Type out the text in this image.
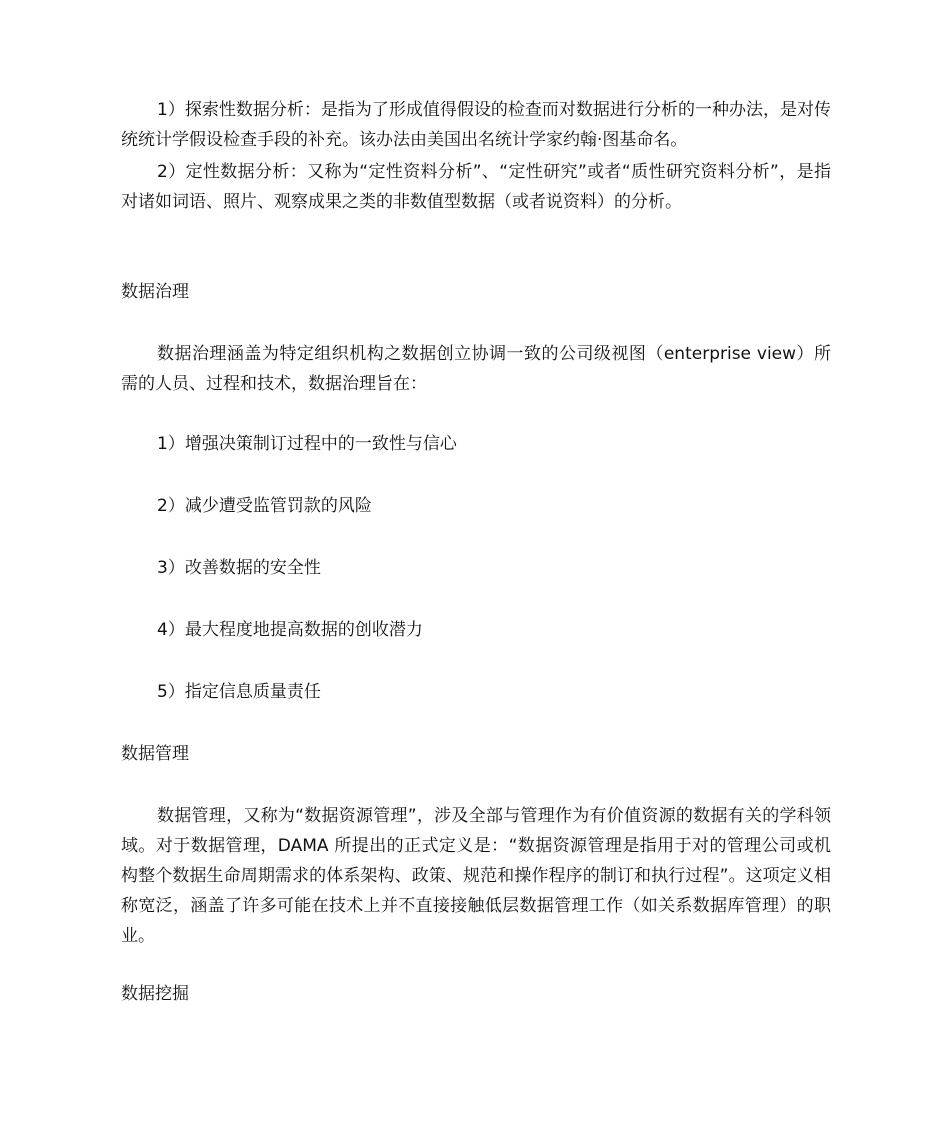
1）探索性数据分析：是指为了形成值得假设的检查而对数据进行分析的一种办法，是对传统统计学假设检查手段的补充。该办法由美国出名统计学家约翰·图基命名。

2）定性数据分析：又称为“定性资料分析”、“定性研究”或者“质性研究资料分析”，是指对诸如词语、照片、观察成果之类的非数值型数据（或者说资料）的分析。

数据治理

数据治理涵盖为特定组织机构之数据创立协调一致的公司级视图（enterprise view）所需的人员、过程和技术，数据治理旨在：

1）增强决策制订过程中的一致性与信心

2）减少遭受监管罚款的风险

3）改善数据的安全性

4）最大程度地提高数据的创收潜力

5）指定信息质量责任

数据管理

数据管理，又称为“数据资源管理”，涉及全部与管理作为有价值资源的数据有关的学科领域。对于数据管理，DAMA 所提出的正式定义是：“数据资源管理是指用于对的管理公司或机构整个数据生命周期需求的体系架构、政策、规范和操作程序的制订和执行过程”。这项定义相称宽泛，涵盖了许多可能在技术上并不直接接触低层数据管理工作（如关系数据库管理）的职业。

数据挖掘
